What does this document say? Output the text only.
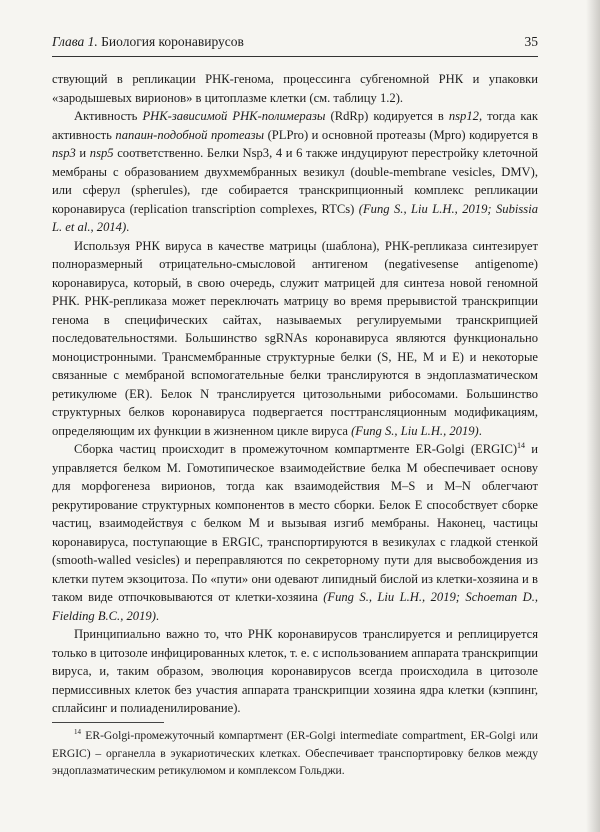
Глава 1. Биология коронавирусов	35

ствующий в репликации РНК-генома, процессинга субгеномной РНК и упаковки «зародышевых вирионов» в цитоплазме клетки (см. таблицу 1.2).

Активность РНК-зависимой РНК-полимеразы (RdRp) кодируется в nsp12, тогда как активность папаин-подобной протеазы (PLPro) и основной протеазы (Mpro) кодируется в nsp3 и nsp5 соответственно. Белки Nsp3, 4 и 6 также индуцируют перестройку клеточной мембраны с образованием двухмембранных везикул (double-membrane vesicles, DMV), или сферул (spherules), где собирается транскрипционный комплекс репликации коронавируса (replication transcription complexes, RTCs) (Fung S., Liu L.H., 2019; Subissia L. et al., 2014).

Используя РНК вируса в качестве матрицы (шаблона), РНК-репликаза синтезирует полноразмерный отрицательно-смысловой антигеном (negativesense antigenome) коронавируса, который, в свою очередь, служит матрицей для синтеза новой геномной РНК. РНК-репликаза может переключать матрицу во время прерывистой транскрипции генома в специфических сайтах, называемых регулируемыми транскрипцией последовательностями. Большинство sgRNAs коронавируса являются функционально моноцистронными. Трансмембранные структурные белки (S, HE, M и E) и некоторые связанные с мембраной вспомогательные белки транслируются в эндоплазматическом ретикулюме (ER). Белок N транслируется цитозольными рибосомами. Большинство структурных белков коронавируса подвергается посттрансляционным модификациям, определяющим их функции в жизненном цикле вируса (Fung S., Liu L.H., 2019).

Сборка частиц происходит в промежуточном компартменте ER-Golgi (ERGIC)$^{14}$ и управляется белком М. Гомотипическое взаимодействие белка М обеспечивает основу для морфогенеза вирионов, тогда как взаимодействия M–S и M–N облегчают рекрутирование структурных компонентов в место сборки. Белок Е способствует сборке частиц, взаимодействуя с белком М и вызывая изгиб мембраны. Наконец, частицы коронавируса, поступающие в ERGIC, транспортируются в везикулах с гладкой стенкой (smooth-walled vesicles) и переправляются по секреторному пути для высвобождения из клетки путем экзоцитоза. По «пути» они одевают липидный бислой из клетки-хозяина и в таком виде отпочковываются от клетки-хозяина (Fung S., Liu L.H., 2019; Schoeman D., Fielding B.C., 2019).

Принципиально важно то, что РНК коронавирусов транслируется и реплицируется только в цитозоле инфицированных клеток, т. е. с использованием аппарата транскрипции вируса, и, таким образом, эволюция коронавирусов всегда происходила в цитозоле пермиссивных клеток без участия аппарата транскрипции хозяина ядра клетки (кэппинг, сплайсинг и полиаденилирование).

$^{14}$ ER-Golgi-промежуточный компартмент (ER-Golgi intermediate compartment, ER-Golgi или ERGIC) – органелла в эукариотических клетках. Обеспечивает транспортировку белков между эндоплазматическим ретикулюмом и комплексом Гольджи.
